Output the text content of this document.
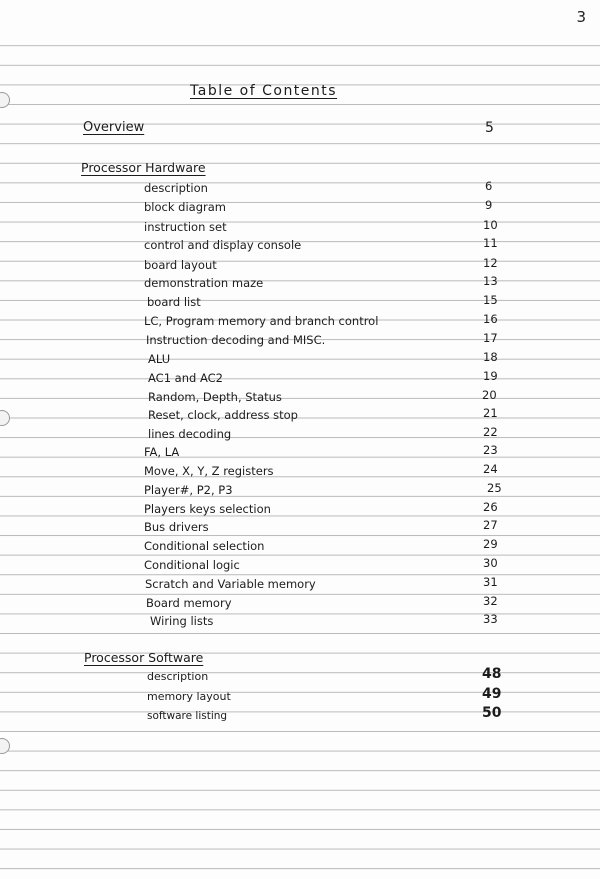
3
Table of Contents
Overview	5
Processor Hardware
description	6
block diagram	9
instruction set	10
control and display console	11
board layout	12
demonstration maze	13
board list	15
LC, Program memory and branch control	16
Instruction decoding and MISC.	17
ALU	18
AC1 and AC2	19
Random, Depth, Status	20
Reset, clock, address stop	21
lines decoding	22
FA, LA	23
Move, X, Y, Z registers	24
Player#, P2, P3	25
Players keys selection	26
Bus drivers	27
Conditional selection	29
Conditional logic	30
Scratch and Variable memory	31
Board memory	32
Wiring lists	33
Processor Software
description	48
memory layout	49
software listing	50
